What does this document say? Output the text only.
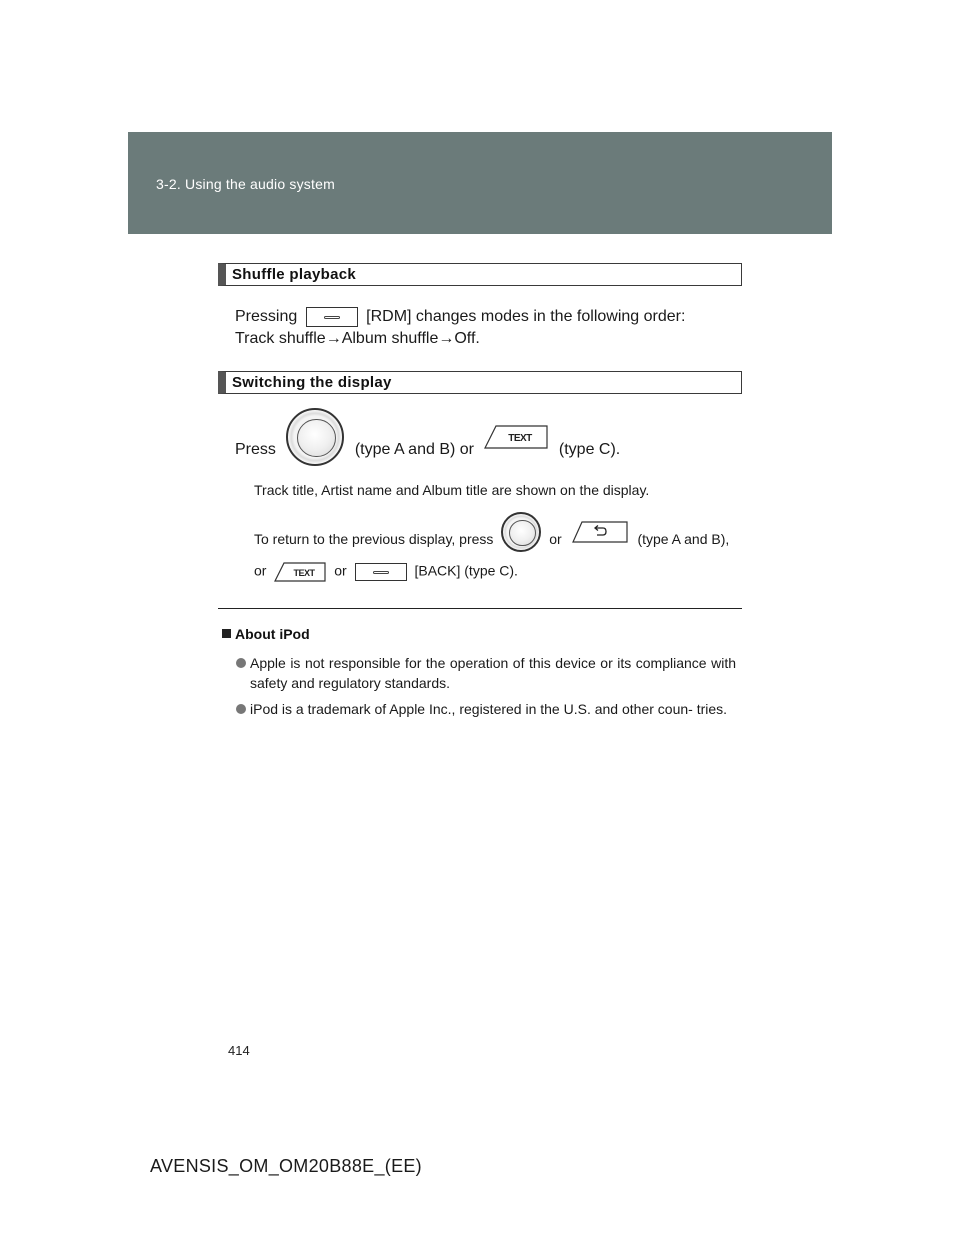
3-2. Using the audio system
Shuffle playback
Pressing	[RDM] changes modes in the following order:
Track shuffle→Album shuffle→Off.
Switching the display
Press	(type A and B) or
TEXT
(type C).
Track title, Artist name and Album title are shown on the display.
To return to the previous display, press	or	(type A and B),
or	TEXT or	[BACK] (type C).
About iPod
Apple is not responsible for the operation of this device or its compliance with safety and regulatory standards.
iPod is a trademark of Apple Inc., registered in the U.S. and other coun- tries.
414
AVENSIS_OM_OM20B88E_(EE)
